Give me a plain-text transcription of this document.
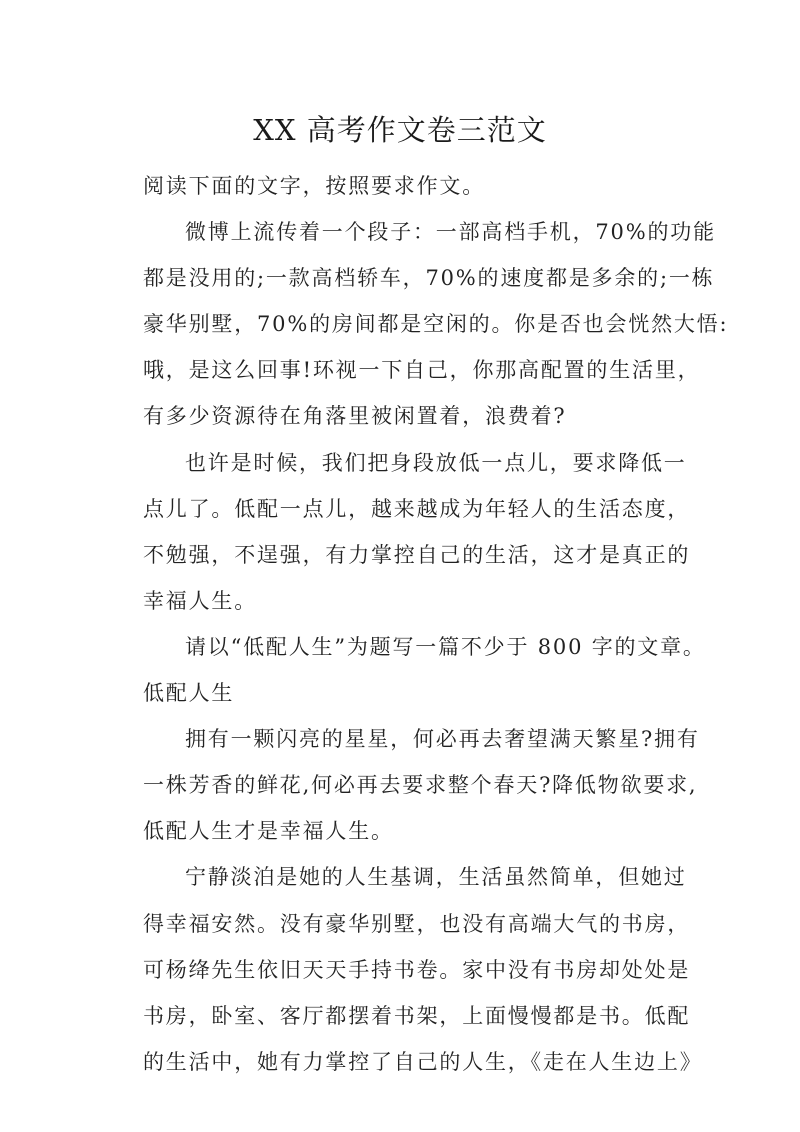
XX 高考作文卷三范文
阅读下面的文字，按照要求作文。
微博上流传着一个段子：一部高档手机，70%的功能
都是没用的;一款高档轿车，70%的速度都是多余的;一栋
豪华别墅，70%的房间都是空闲的。你是否也会恍然大悟:
哦，是这么回事!环视一下自己，你那高配置的生活里，
有多少资源待在角落里被闲置着，浪费着?
也许是时候，我们把身段放低一点儿，要求降低一
点儿了。低配一点儿，越来越成为年轻人的生活态度，
不勉强，不逞强，有力掌控自己的生活，这才是真正的
幸福人生。
请以“低配人生”为题写一篇不少于 800 字的文章。
低配人生
拥有一颗闪亮的星星，何必再去奢望满天繁星?拥有
一株芳香的鲜花,何必再去要求整个春天?降低物欲要求,
低配人生才是幸福人生。
宁静淡泊是她的人生基调，生活虽然简单，但她过
得幸福安然。没有豪华别墅，也没有高端大气的书房，
可杨绛先生依旧天天手持书卷。家中没有书房却处处是
书房，卧室、客厅都摆着书架，上面慢慢都是书。低配
的生活中，她有力掌控了自己的人生，《走在人生边上》
